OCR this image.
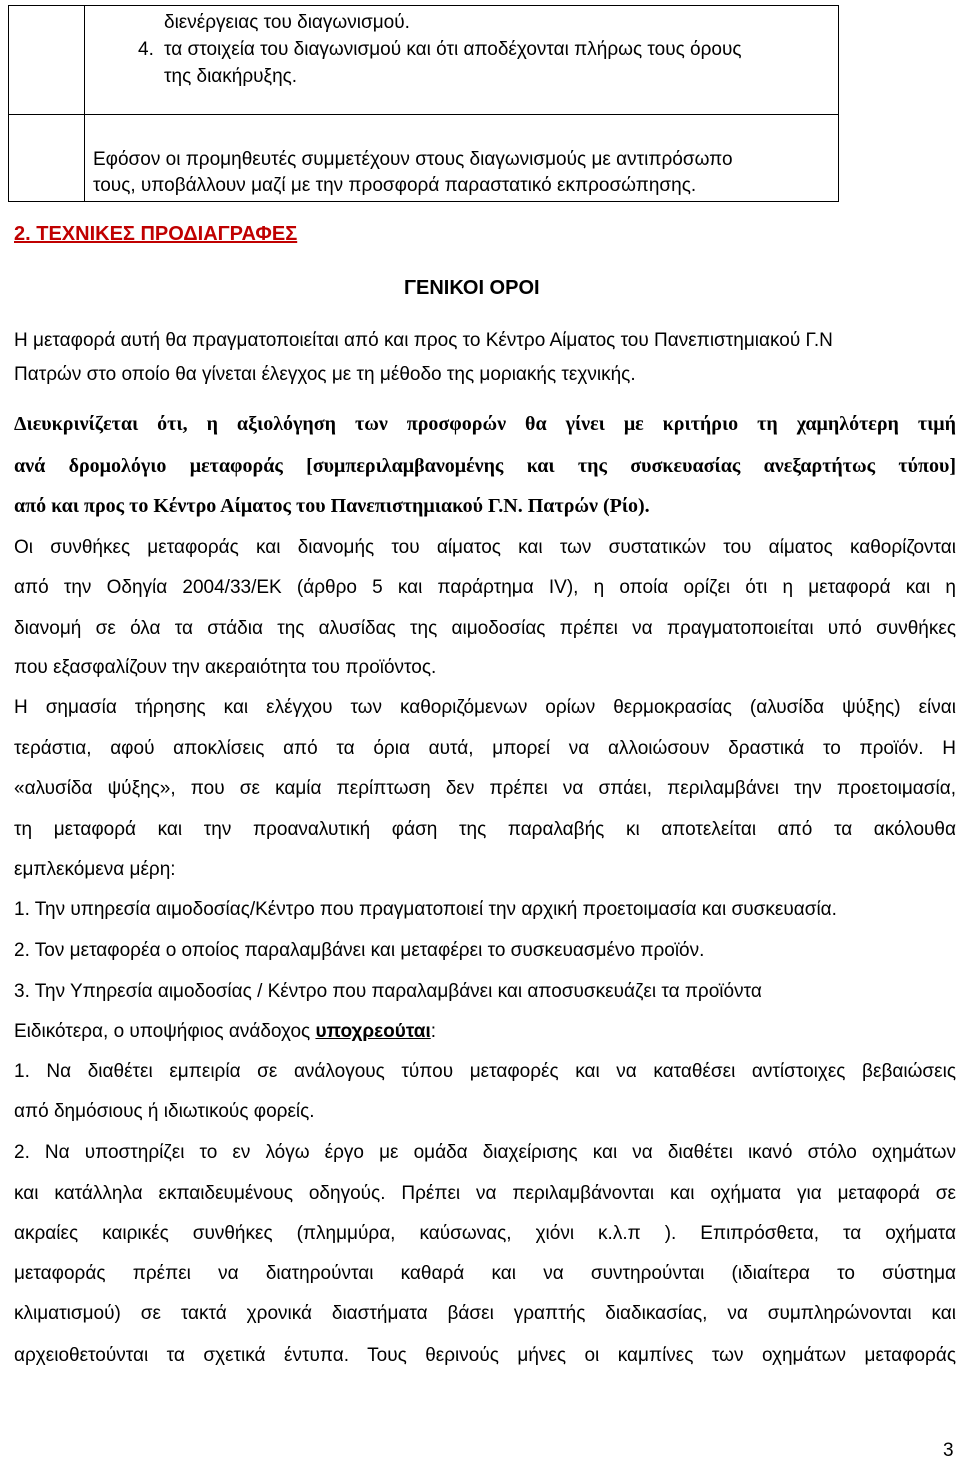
	διενέργειας του διαγωνισμού.
4. τα στοιχεία του διαγωνισμού και ότι αποδέχονται πλήρως τους όρους
της διακήρυξης.

	Εφόσον οι προμηθευτές συμμετέχουν στους διαγωνισμούς με αντιπρόσωπο
τους, υποβάλλουν μαζί με την προσφορά παραστατικό εκπροσώπησης.
2. ΤΕΧΝΙΚΕΣ ΠΡΟΔΙΑΓΡΑΦΕΣ
ΓΕΝΙΚΟΙ ΟΡΟΙ
Η μεταφορά αυτή θα πραγματοποιείται από και προς το Κέντρο Αίματος του Πανεπιστημιακού Γ.Ν
Πατρών στο οποίο θα γίνεται έλεγχος με τη μέθοδο της μοριακής τεχνικής.
Διευκρινίζεται ότι, η αξιολόγηση των προσφορών θα γίνει με κριτήριο τη χαμηλότερη τιμή
ανά δρομολόγιο μεταφοράς [συμπεριλαμβανομένης και της συσκευασίας ανεξαρτήτως τύπου]
από και προς το Κέντρο Αίματος του Πανεπιστημιακού Γ.Ν. Πατρών (Ρίο).
Οι συνθήκες μεταφοράς και διανομής του αίματος και των συστατικών του αίματος καθορίζονται
από την Οδηγία 2004/33/ΕΚ (άρθρο 5 και παράρτημα IV), η οποία ορίζει ότι η μεταφορά και η
διανομή σε όλα τα στάδια της αλυσίδας της αιμοδοσίας πρέπει να πραγματοποιείται υπό συνθήκες
που εξασφαλίζουν την ακεραιότητα του προϊόντος.
Η σημασία τήρησης και ελέγχου των καθοριζόμενων ορίων θερμοκρασίας (αλυσίδα ψύξης) είναι
τεράστια, αφού αποκλίσεις από τα όρια αυτά, μπορεί να αλλοιώσουν δραστικά το προϊόν. Η
«αλυσίδα ψύξης», που σε καμία περίπτωση δεν πρέπει να σπάει, περιλαμβάνει την προετοιμασία,
τη μεταφορά και την προαναλυτική φάση της παραλαβής κι αποτελείται από τα ακόλουθα
εμπλεκόμενα μέρη:
1. Την υπηρεσία αιμοδοσίας/Κέντρο που πραγματοποιεί την αρχική προετοιμασία και συσκευασία.
2. Τον μεταφορέα ο οποίος παραλαμβάνει και μεταφέρει το συσκευασμένο προϊόν.
3. Την Υπηρεσία αιμοδοσίας / Κέντρο που παραλαμβάνει και αποσυσκευάζει τα προϊόντα
Ειδικότερα, ο υποψήφιος ανάδοχος υποχρεούται:
1. Να διαθέτει εμπειρία σε ανάλογους τύπου μεταφορές και να καταθέσει αντίστοιχες βεβαιώσεις
από δημόσιους ή ιδιωτικούς φορείς.
2. Να υποστηρίζει το εν λόγω έργο με ομάδα διαχείρισης και να διαθέτει ικανό στόλο οχημάτων
και κατάλληλα εκπαιδευμένους οδηγούς. Πρέπει να περιλαμβάνονται και οχήματα για μεταφορά σε
ακραίες καιρικές συνθήκες (πλημμύρα, καύσωνας, χιόνι κ.λ.π ). Επιπρόσθετα, τα οχήματα
μεταφοράς πρέπει να διατηρούνται καθαρά και να συντηρούνται (ιδιαίτερα το σύστημα
κλιματισμού) σε τακτά χρονικά διαστήματα βάσει γραπτής διαδικασίας, να συμπληρώνονται και
αρχειοθετούνται τα σχετικά έντυπα. Τους θερινούς μήνες οι καμπίνες των οχημάτων μεταφοράς
3
